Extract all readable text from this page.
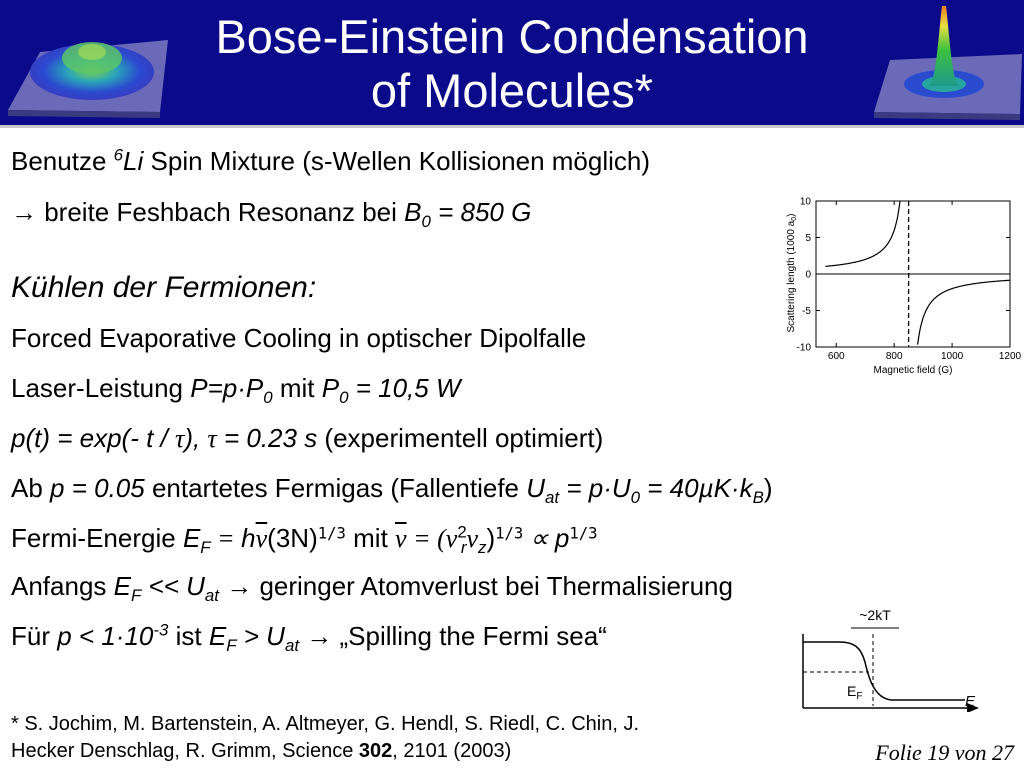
Bose-Einstein Condensation
of Molecules*
Benutze $^6$Li Spin Mixture (s-Wellen Kollisionen möglich)
→ breite Feshbach Resonanz bei $B_0 = 850$ G
Kühlen der Fermionen:
Forced Evaporative Cooling in optischer Dipolfalle
Laser-Leistung $P=p\cdot P_0$ mit $P_0 = 10,5$ W
p(t) = exp(- t / τ), τ = 0.23 s (experimentell optimiert)
Ab p = 0.05 entartetes Fermigas (Fallentiefe $U_{at} = p\cdot U_0 = 40\mu K\cdot k_B$)
Fermi-Energie $E_F = h\overline{\nu}(3N)^{1/3}$ mit $\overline{\nu} = (\nu^2_r\nu_z)^{1/3} \propto p^{1/3}$
Anfangs $E_F << U_{at}$ → geringer Atomverlust bei Thermalisierung
Für $p < 1\cdot 10^{-3}$ ist $E_F > U_{at}$ → „Spilling the Fermi sea“
Scattering length (1000 $a_0$)
10
5
0
-5
-10
600	800	1000	1200
Magnetic field (G)
~2kT
$E_F$	E
* S. Jochim, M. Bartenstein, A. Altmeyer, G. Hendl, S. Riedl, C. Chin, J.
Hecker Denschlag, R. Grimm, Science 302, 2101 (2003)	Folie 19 von 27
